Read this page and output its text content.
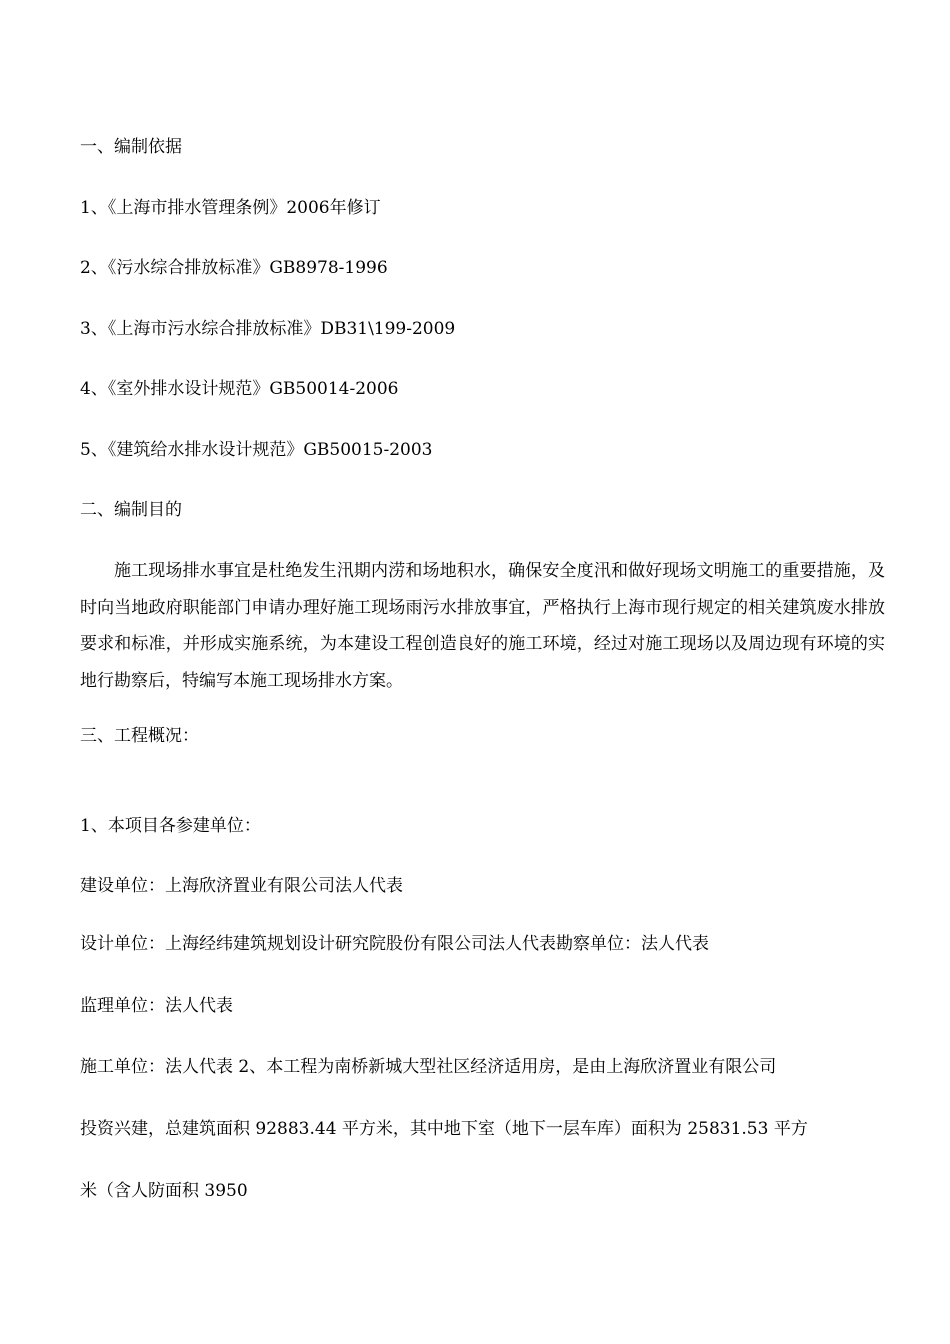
一、编制依据
1、《上海市排水管理条例》2006年修订
2、《污水综合排放标准》GB8978-1996
3、《上海市污水综合排放标准》DB31\199-2009
4、《室外排水设计规范》GB50014-2006
5、《建筑给水排水设计规范》GB50015-2003
二、编制目的
施工现场排水事宜是杜绝发生汛期内涝和场地积水，确保安全度汛和做好现场文明施工的重要措施，及时向当地政府职能部门申请办理好施工现场雨污水排放事宜，严格执行上海市现行规定的相关建筑废水排放要求和标准，并形成实施系统，为本建设工程创造良好的施工环境，经过对施工现场以及周边现有环境的实地行勘察后，特编写本施工现场排水方案。
三、工程概况：
1、本项目各参建单位：
建设单位：上海欣济置业有限公司法人代表
设计单位：上海经纬建筑规划设计研究院股份有限公司法人代表勘察单位：法人代表
监理单位：法人代表
施工单位：法人代表 2、本工程为南桥新城大型社区经济适用房，是由上海欣济置业有限公司
投资兴建，总建筑面积 92883.44 平方米，其中地下室（地下一层车库）面积为 25831.53 平方
米（含人防面积 3950
